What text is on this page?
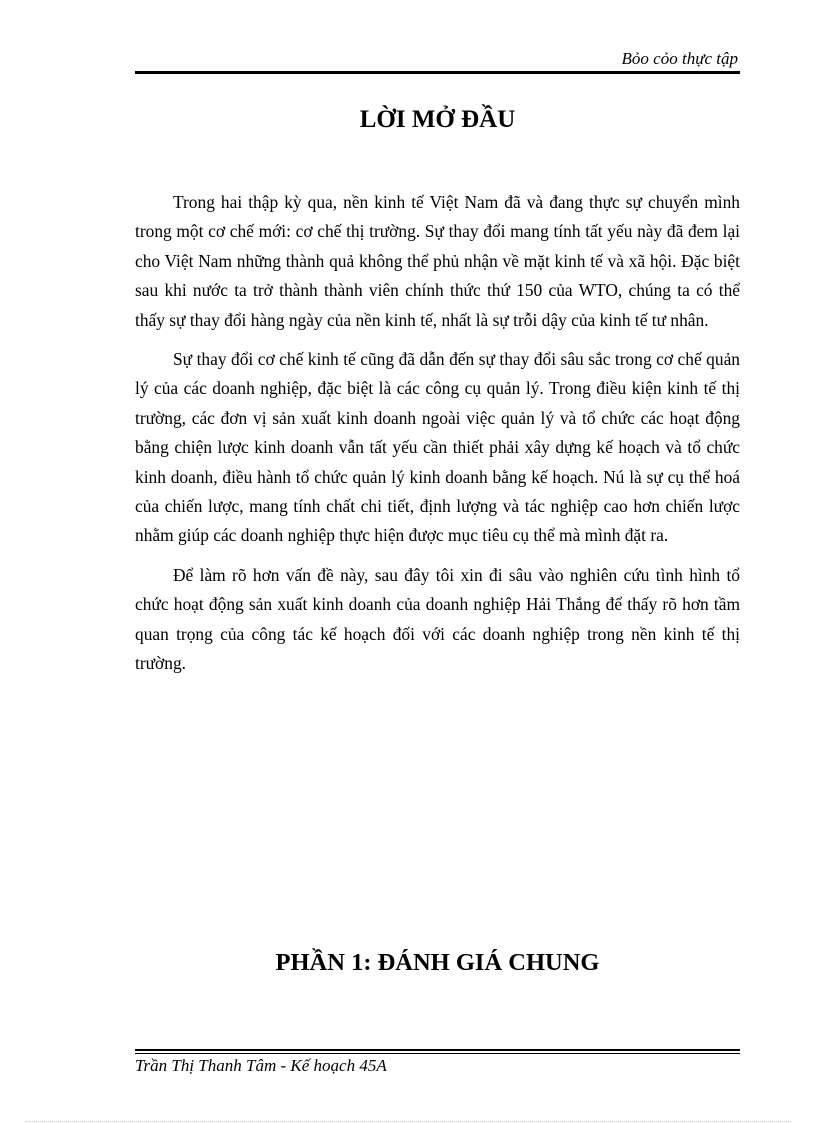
Bỏo cỏo thực tập
LỜI MỞ ĐẦU

Trong hai thập kỳ qua, nền kinh tế Việt Nam đã và đang thực sự chuyển mình trong một cơ chế mới: cơ chế thị trường. Sự thay đổi mang tính tất yếu này đã đem lại cho Việt Nam những thành quả không thể phủ nhận về mặt kinh tế và xã hội. Đặc biệt sau khi nước ta trở thành thành viên chính thức thứ 150 của WTO, chúng ta có thể thấy sự thay đổi hàng ngày của nền kinh tế, nhất là sự trỗi dậy của kinh tế tư nhân.

Sự thay đổi cơ chế kinh tế cũng đã dẫn đến sự thay đổi sâu sắc trong cơ chế quản lý của các doanh nghiệp, đặc biệt là các công cụ quản lý. Trong điều kiện kinh tế thị trường, các đơn vị sản xuất kinh doanh ngoài việc quản lý và tổ chức các hoạt động bằng chiện lược kinh doanh vẫn tất yếu cần thiết phải xây dựng kế hoạch và tổ chức kinh doanh, điều hành tổ chức quản lý kinh doanh bằng kế hoạch. Nú là sự cụ thể hoá của chiến lược, mang tính chất chi tiết, định lượng và tác nghiệp cao hơn chiến lược nhằm giúp các doanh nghiệp thực hiện được mục tiêu cụ thể mà mình đặt ra.

Để làm rõ hơn vấn đề này, sau đây tôi xin đi sâu vào nghiên cứu tình hình tổ chức hoạt động sản xuất kinh doanh của doanh nghiệp Hải Thắng để thấy rõ hơn tầm quan trọng của công tác kế hoạch đối với các doanh nghiệp trong nền kinh tế thị trường.

PHẦN 1: ĐÁNH GIÁ CHUNG
Trần Thị Thanh Tâm - Kế hoạch 45A
